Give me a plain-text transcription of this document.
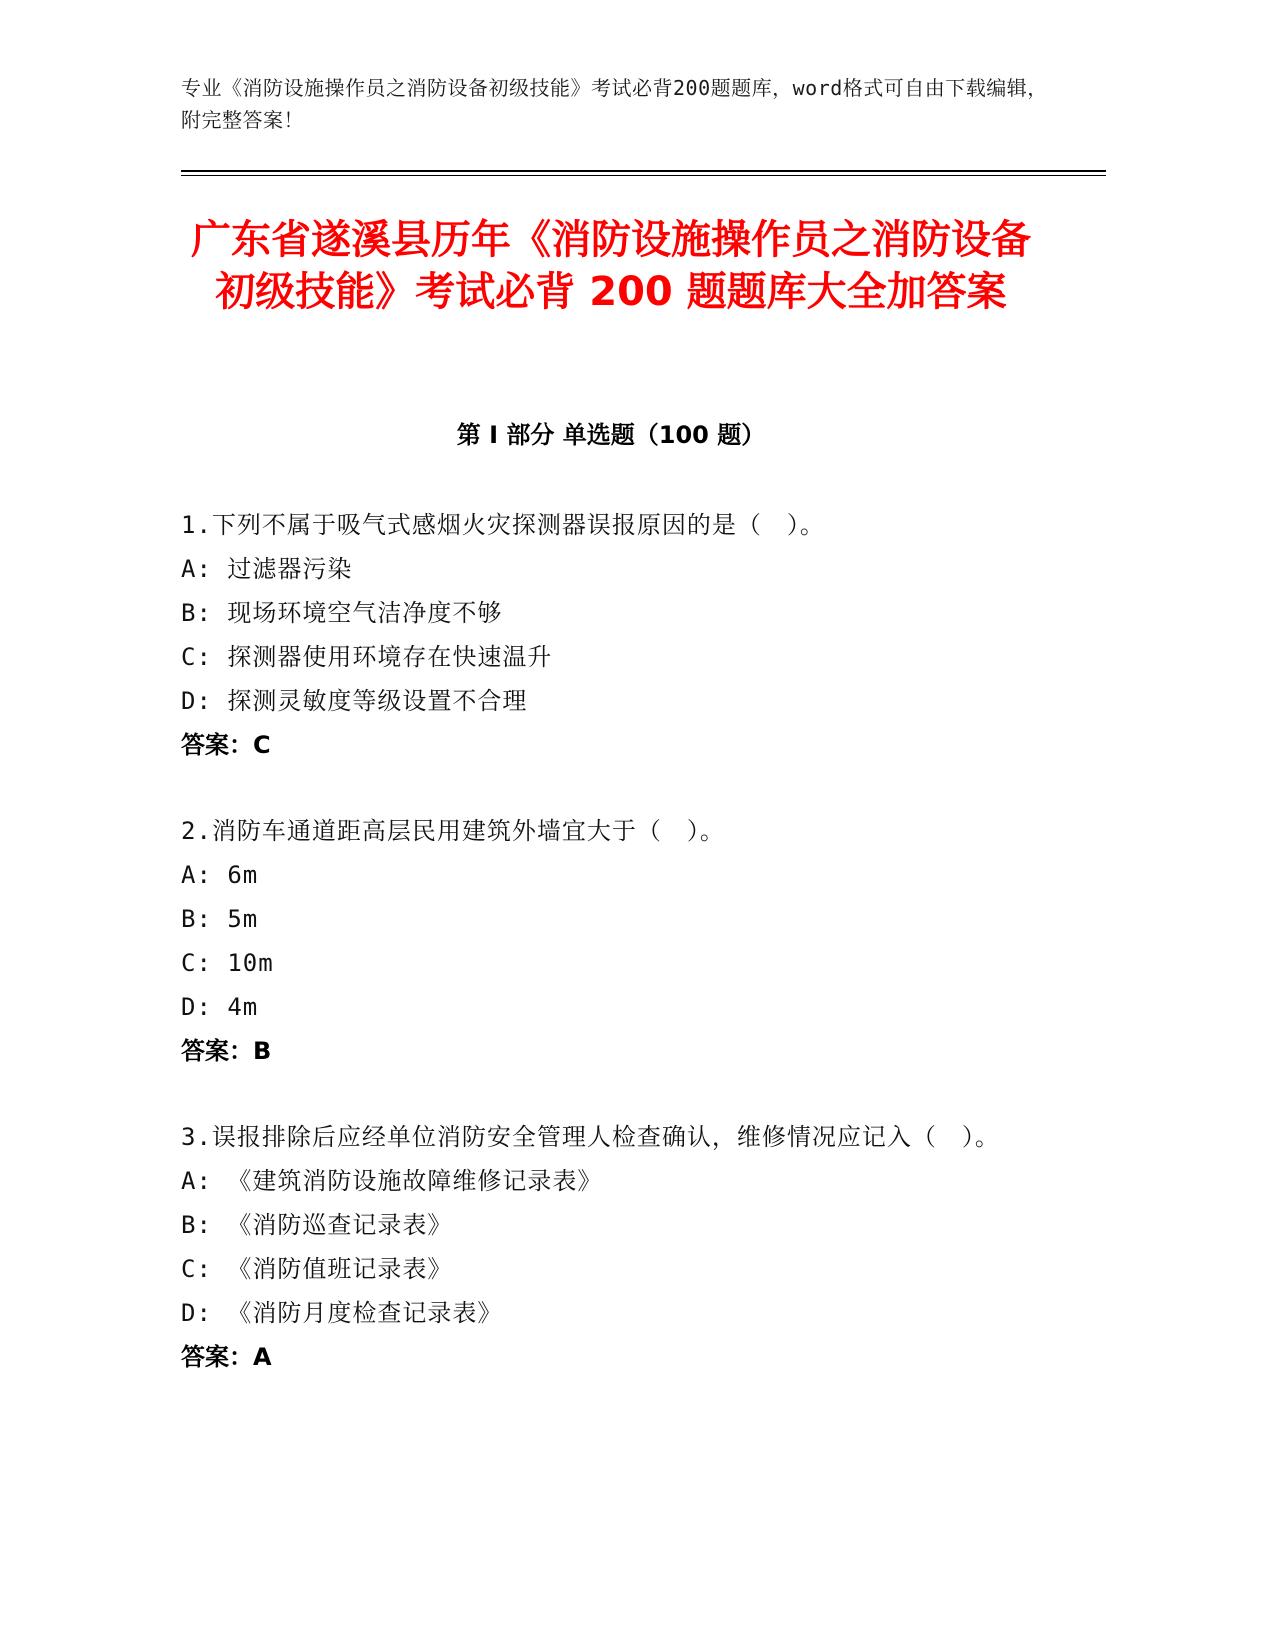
专业《消防设施操作员之消防设备初级技能》考试必背200题题库，word格式可自由下载编辑，附完整答案！
广东省遂溪县历年《消防设施操作员之消防设备初级技能》考试必背 200 题题库大全加答案
第 I 部分 单选题（100 题）

1.下列不属于吸气式感烟火灾探测器误报原因的是（　）。

A: 过滤器污染

B: 现场环境空气洁净度不够

C: 探测器使用环境存在快速温升

D: 探测灵敏度等级设置不合理

答案：C

2.消防车通道距高层民用建筑外墙宜大于（　）。

A: 6m

B: 5m

C: 10m

D: 4m

答案：B

3.误报排除后应经单位消防安全管理人检查确认，维修情况应记入（　）。

A: 《建筑消防设施故障维修记录表》

B: 《消防巡查记录表》

C: 《消防值班记录表》

D: 《消防月度检查记录表》

答案：A
